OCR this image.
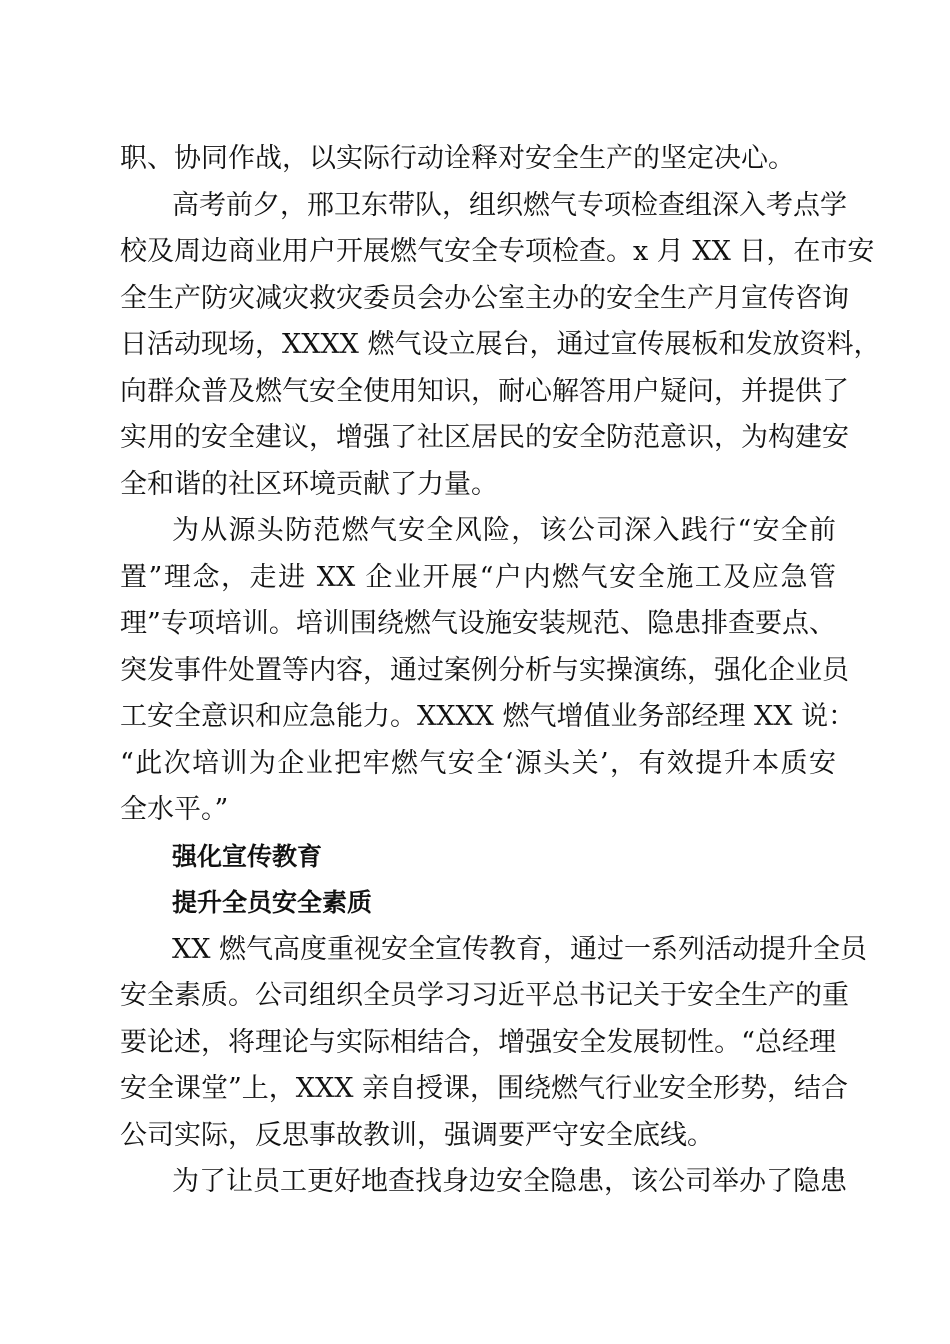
职、协同作战，以实际行动诠释对安全生产的坚定决心。
高考前夕，邢卫东带队，组织燃气专项检查组深入考点学
校及周边商业用户开展燃气安全专项检查。x 月 XX 日，在市安
全生产防灾减灾救灾委员会办公室主办的安全生产月宣传咨询
日活动现场，XXXX 燃气设立展台，通过宣传展板和发放资料，
向群众普及燃气安全使用知识，耐心解答用户疑问，并提供了
实用的安全建议，增强了社区居民的安全防范意识，为构建安
全和谐的社区环境贡献了力量。
为从源头防范燃气安全风险，该公司深入践行“安全前
置”理念，走进 XX 企业开展“户内燃气安全施工及应急管
理”专项培训。培训围绕燃气设施安装规范、隐患排查要点、
突发事件处置等内容，通过案例分析与实操演练，强化企业员
工安全意识和应急能力。XXXX 燃气增值业务部经理 XX 说：
“此次培训为企业把牢燃气安全‘源头关’，有效提升本质安
全水平。”
强化宣传教育
提升全员安全素质
XX 燃气高度重视安全宣传教育，通过一系列活动提升全员
安全素质。公司组织全员学习习近平总书记关于安全生产的重
要论述，将理论与实际相结合，增强安全发展韧性。“总经理
安全课堂”上，XXX 亲自授课，围绕燃气行业安全形势，结合
公司实际，反思事故教训，强调要严守安全底线。
为了让员工更好地查找身边安全隐患，该公司举办了隐患
